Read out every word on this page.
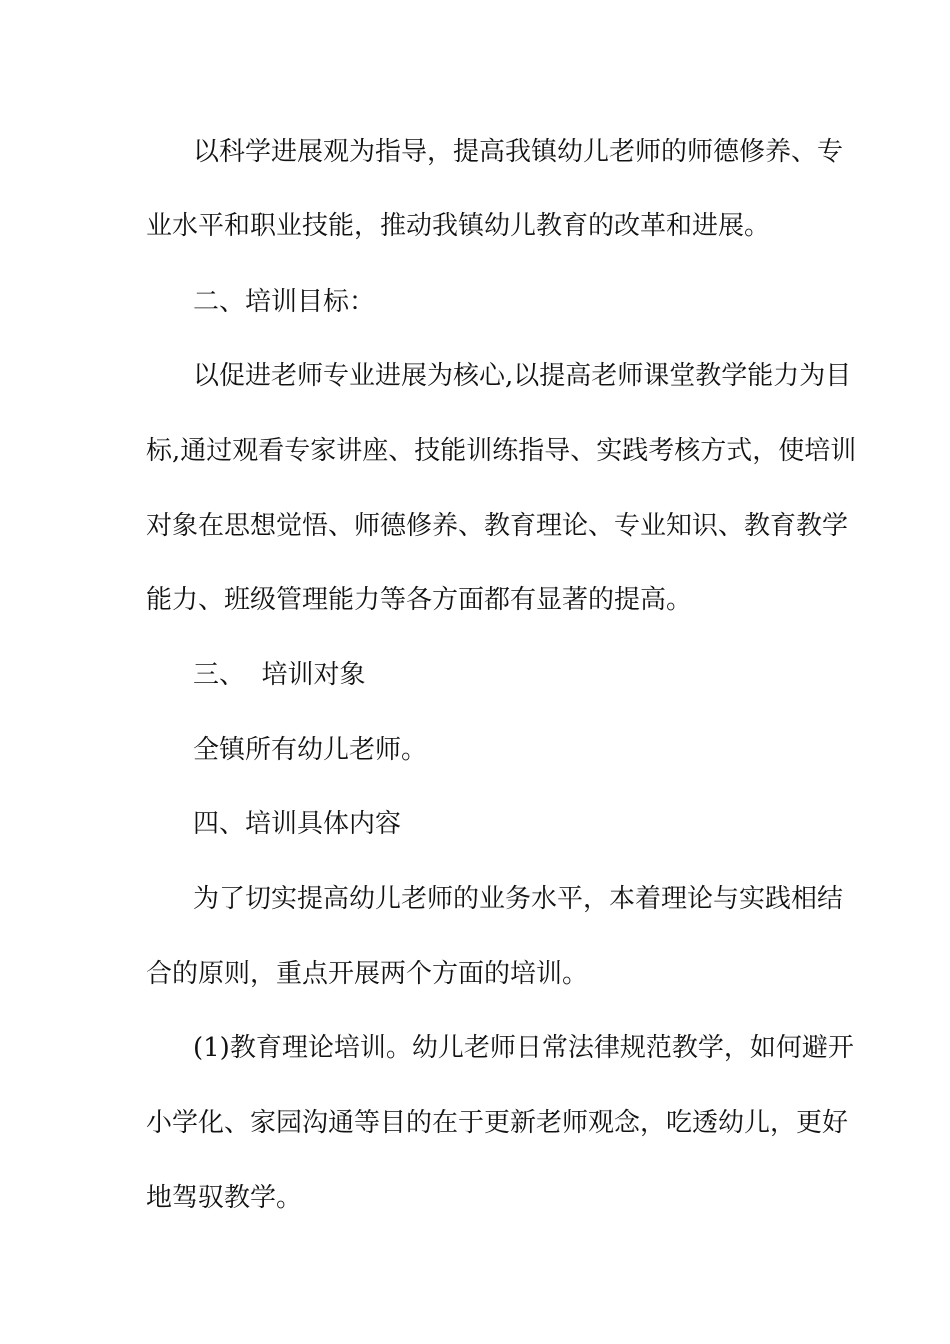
以科学进展观为指导，提高我镇幼儿老师的师德修养、专
业水平和职业技能，推动我镇幼儿教育的改革和进展。
二、培训目标：
以促进老师专业进展为核心,以提高老师课堂教学能力为目
标,通过观看专家讲座、技能训练指导、实践考核方式，使培训
对象在思想觉悟、师德修养、教育理论、专业知识、教育教学
能力、班级管理能力等各方面都有显著的提高。
三、  培训对象
全镇所有幼儿老师。
四、培训具体内容
为了切实提高幼儿老师的业务水平，本着理论与实践相结
合的原则，重点开展两个方面的培训。
(1)教育理论培训。幼儿老师日常法律规范教学，如何避开
小学化、家园沟通等目的在于更新老师观念，吃透幼儿，更好
地驾驭教学。
